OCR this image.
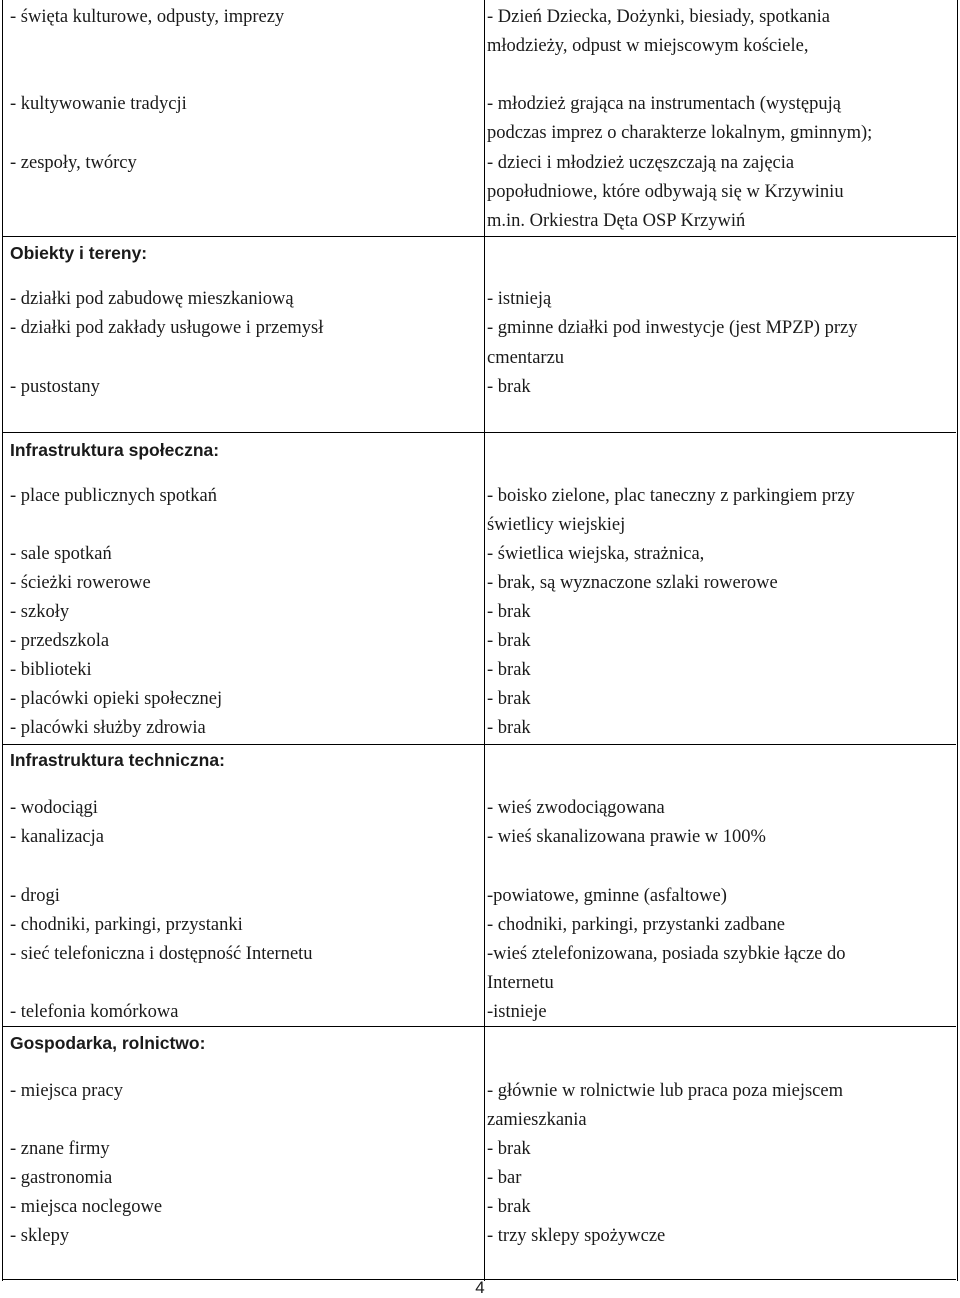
- święta kulturowe, odpusty, imprezy
- kultywowanie tradycji
- zespoły, twórcy
Obiekty i tereny:
- działki pod zabudowę mieszkaniową
- działki pod zakłady usługowe i przemysł
- pustostany
Infrastruktura społeczna:
- place publicznych spotkań
- sale spotkań
- ścieżki rowerowe
- szkoły
- przedszkola
- biblioteki
- placówki opieki społecznej
- placówki służby zdrowia
Infrastruktura techniczna:
- wodociągi
- kanalizacja
- drogi
- chodniki, parkingi, przystanki
- sieć telefoniczna i dostępność Internetu
- telefonia komórkowa
Gospodarka, rolnictwo:
- miejsca pracy
- znane firmy
- gastronomia
- miejsca noclegowe
- sklepy
- Dzień Dziecka, Dożynki, biesiady, spotkania
młodzieży, odpust w miejscowym kościele,
- młodzież grająca na instrumentach (występują
podczas imprez o charakterze lokalnym, gminnym);
- dzieci i młodzież uczęszczają na zajęcia
popołudniowe, które odbywają się w Krzywiniu
m.in. Orkiestra Dęta OSP Krzywiń
- istnieją
- gminne działki pod inwestycje (jest MPZP) przy
cmentarzu
- brak
- boisko zielone, plac taneczny z parkingiem przy
świetlicy wiejskiej
- świetlica wiejska, strażnica,
- brak, są wyznaczone szlaki rowerowe
- brak
- brak
- brak
- brak
- brak
- wieś zwodociągowana
- wieś skanalizowana prawie w 100%
-powiatowe, gminne (asfaltowe)
- chodniki, parkingi, przystanki zadbane
-wieś ztelefonizowana, posiada szybkie łącze do
Internetu
-istnieje
- głównie w rolnictwie lub praca poza miejscem
zamieszkania
- brak
- bar
- brak
- trzy sklepy spożywcze
4
